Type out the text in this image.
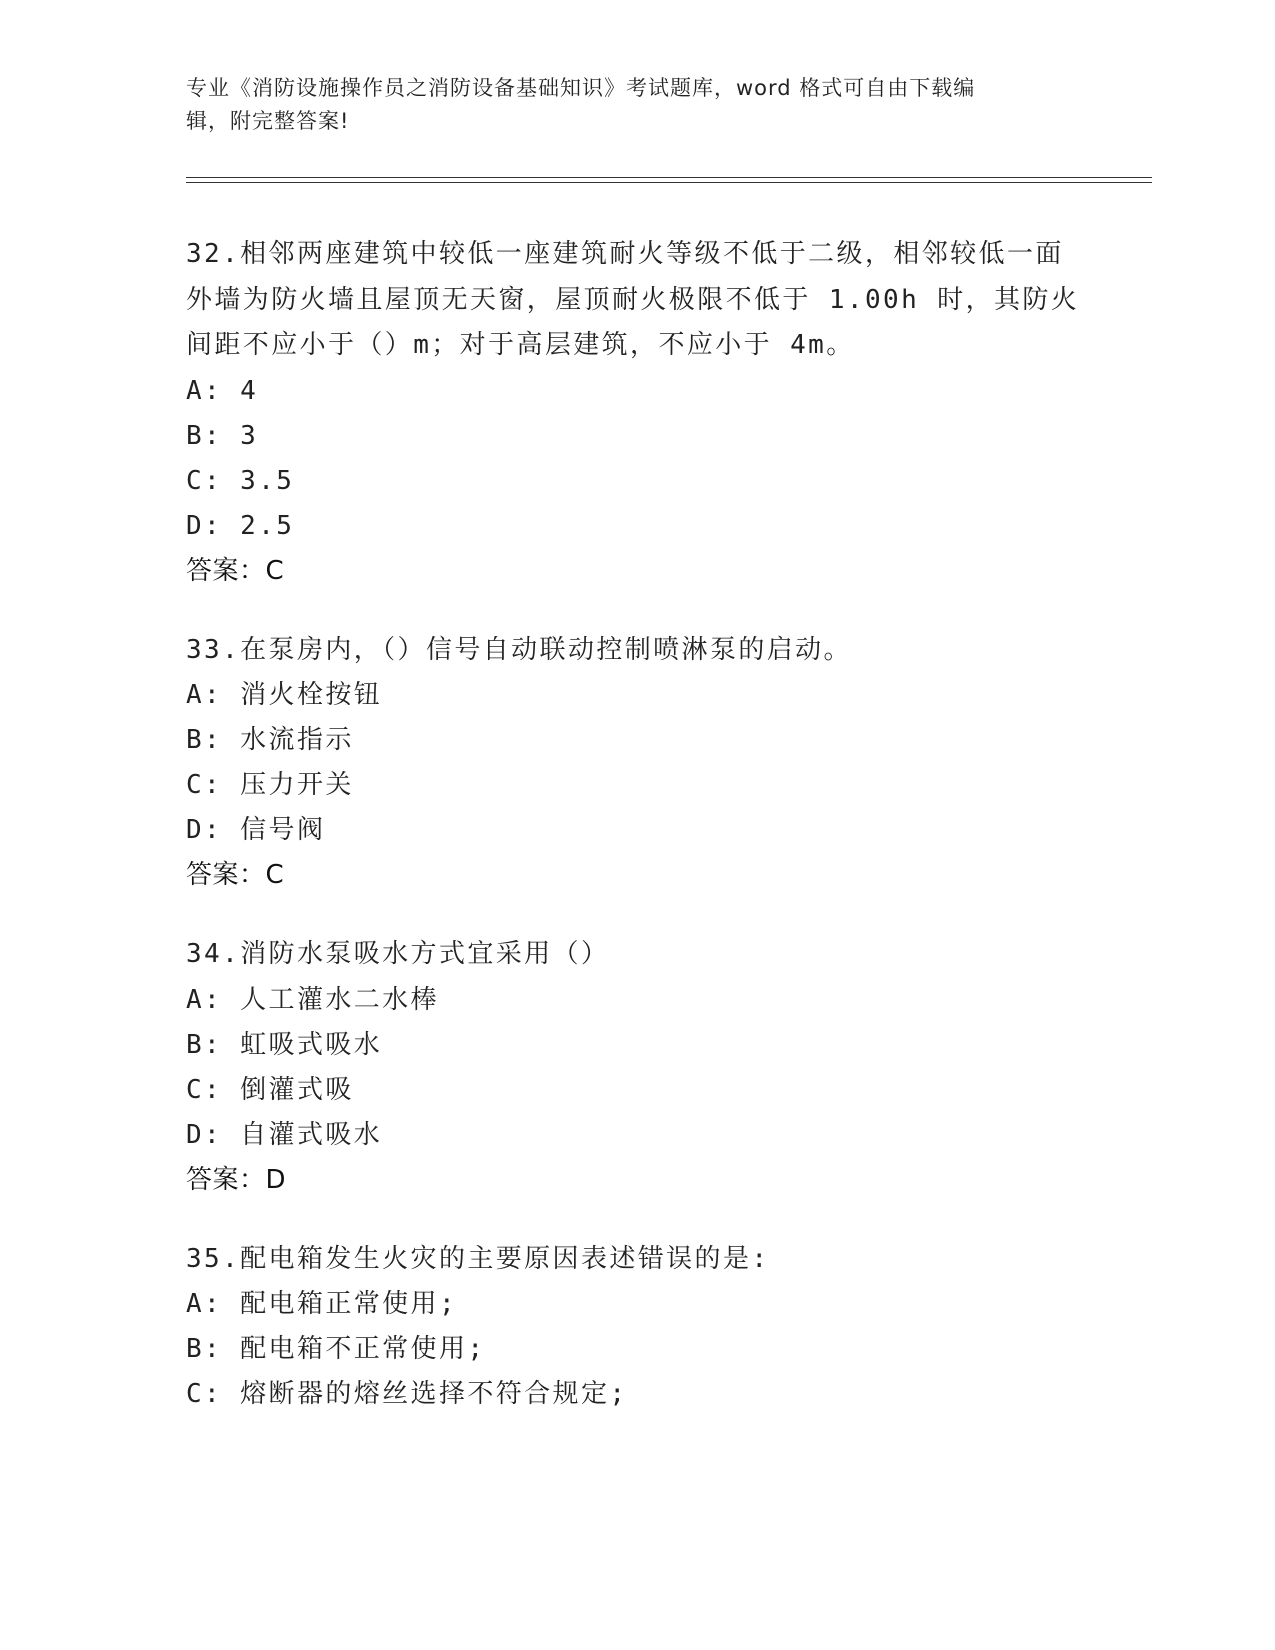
专业《消防设施操作员之消防设备基础知识》考试题库，word 格式可自由下载编
辑，附完整答案!
32.相邻两座建筑中较低一座建筑耐火等级不低于二级，相邻较低一面
外墙为防火墙且屋顶无天窗，屋顶耐火极限不低于 1.00h 时，其防火
间距不应小于（）m；对于高层建筑，不应小于 4m。
A: 4
B: 3
C: 3.5
D: 2.5
答案：C
33.在泵房内，（）信号自动联动控制喷淋泵的启动。
A: 消火栓按钮
B: 水流指示
C: 压力开关
D: 信号阀
答案：C
34.消防水泵吸水方式宜采用（）
A: 人工灌水二水棒
B: 虹吸式吸水
C: 倒灌式吸
D: 自灌式吸水
答案：D
35.配电箱发生火灾的主要原因表述错误的是:
A: 配电箱正常使用;
B: 配电箱不正常使用;
C: 熔断器的熔丝选择不符合规定;
